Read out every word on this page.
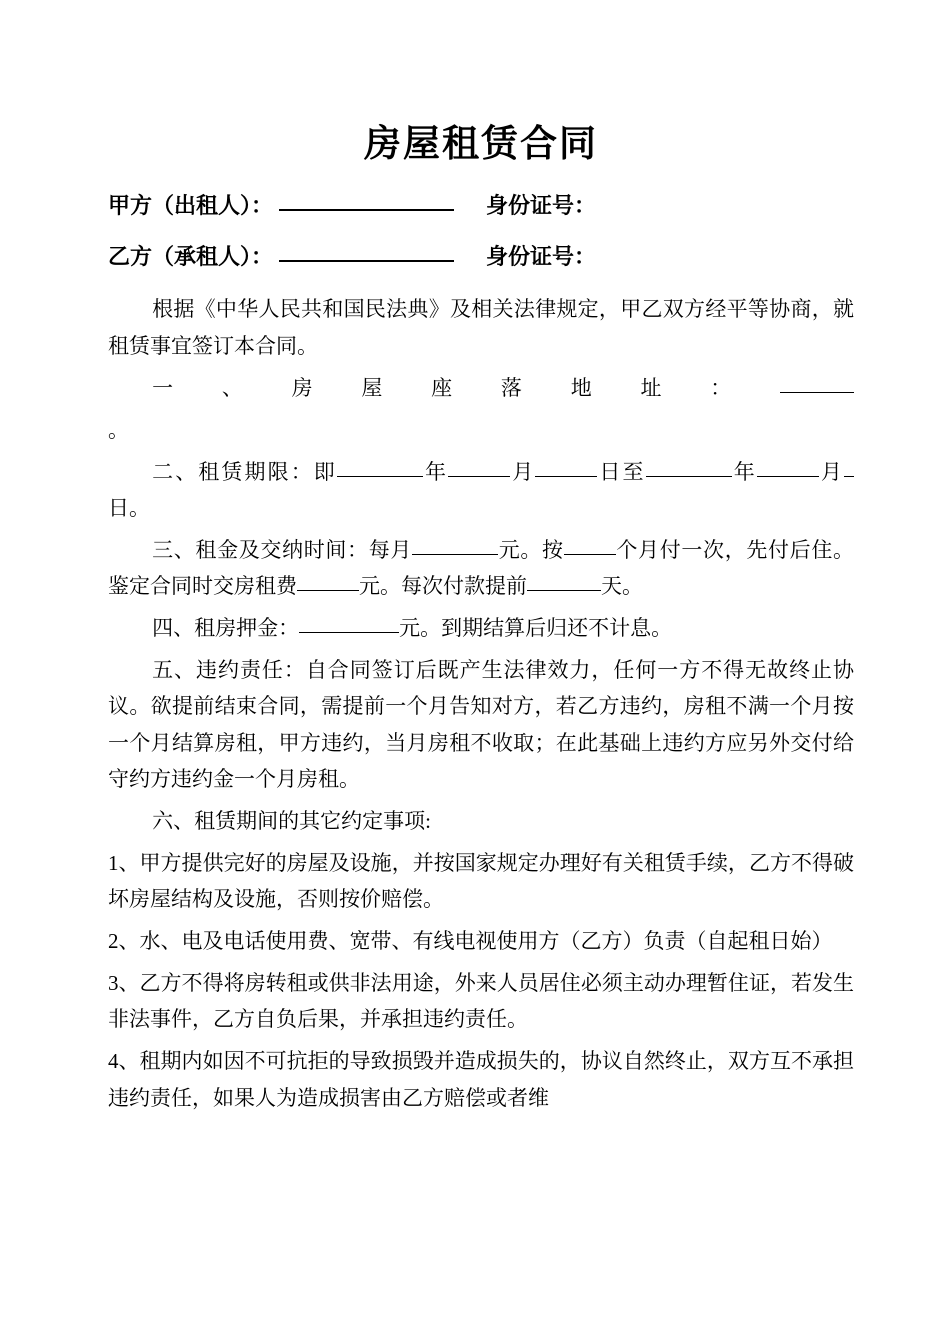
房屋租赁合同
甲方（出租人）：	身份证号：
乙方（承租人）：	身份证号：

根据《中华人民共和国民法典》及相关法律规定，甲乙双方经平等协商，就租赁事宜签订本合同。

一、房屋座落地址：

。

二、租赁期限：即	年	月	日至	年	月日。

三、租金及交纳时间：每月	元。按 个月付一次，先付后住。鉴定合同时交房租费	元。每次付款提前	天。

四、租房押金：	元。到期结算后归还不计息。

五、违约责任：自合同签订后既产生法律效力，任何一方不得无故终止协议。欲提前结束合同，需提前一个月告知对方，若乙方违约，房租不满一个月按一个月结算房租，甲方违约，当月房租不收取；在此基础上违约方应另外交付给守约方违约金一个月房租。

六、租赁期间的其它约定事项:

1、甲方提供完好的房屋及设施，并按国家规定办理好有关租赁手续，乙方不得破坏房屋结构及设施，否则按价赔偿。

2、水、电及电话使用费、宽带、有线电视使用方（乙方）负责（自起租日始）

3、乙方不得将房转租或供非法用途，外来人员居住必须主动办理暂住证，若发生非法事件，乙方自负后果，并承担违约责任。

4、租期内如因不可抗拒的导致损毁并造成损失的，协议自然终止，双方互不承担违约责任，如果人为造成损害由乙方赔偿或者维
